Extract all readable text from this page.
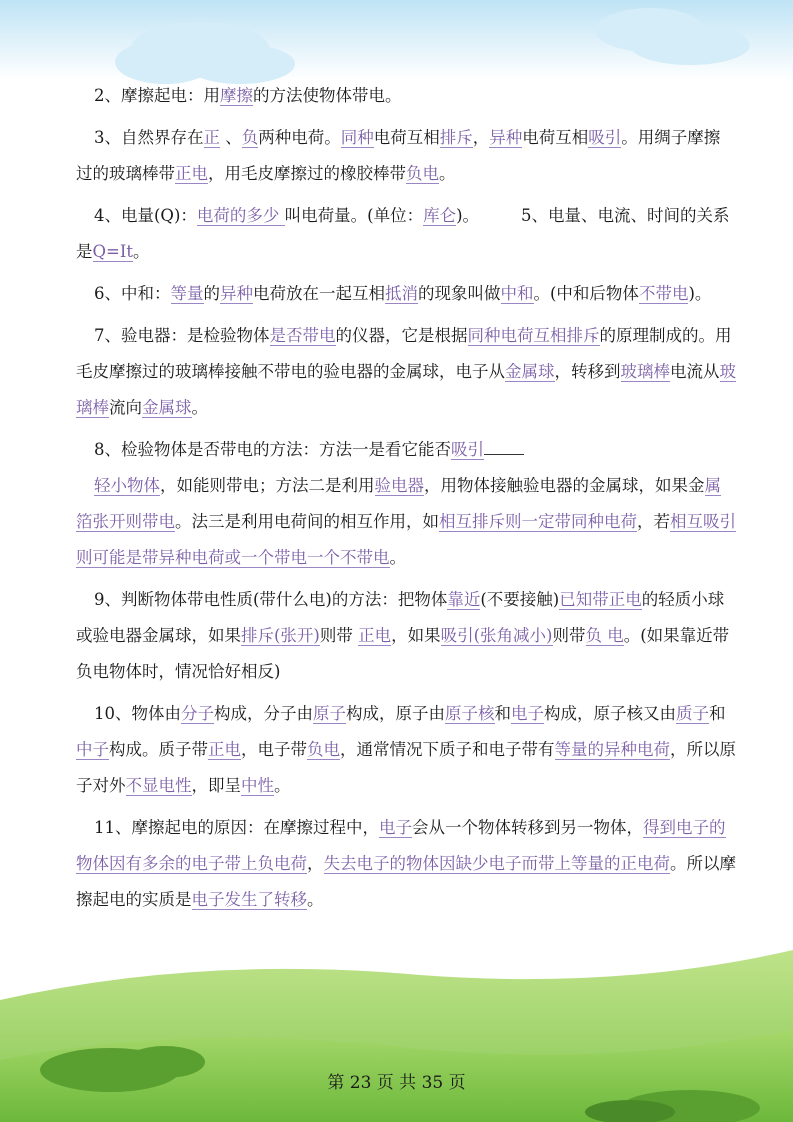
2、摩擦起电：用摩擦的方法使物体带电。

3、自然界存在正 、负两种电荷。同种电荷互相排斥，异种电荷互相吸引。用绸子摩擦过的玻璃棒带正电，用毛皮摩擦过的橡胶棒带负电。

4、电量(Q)：电荷的多少 叫电荷量。(单位：库仑)。        5、电量、电流、时间的关系是Q=It。

6、中和：等量的异种电荷放在一起互相抵消的现象叫做中和。(中和后物体不带电)。

7、验电器：是检验物体是否带电的仪器，它是根据同种电荷互相排斥的原理制成的。用毛皮摩擦过的玻璃棒接触不带电的验电器的金属球，电子从金属球，转移到玻璃棒电流从玻璃棒流向金属球。

8、检验物体是否带电的方法：方法一是看它能否吸引
轻小物体，如能则带电；方法二是利用验电器，用物体接触验电器的金属球，如果金属箔张开则带电。法三是利用电荷间的相互作用，如相互排斥则一定带同种电荷，若相互吸引则可能是带异种电荷或一个带电一个不带电。

9、判断物体带电性质(带什么电)的方法：把物体靠近(不要接触)已知带正电的轻质小球或验电器金属球，如果排斥(张开)则带 正电，如果吸引(张角减小)则带负 电。(如果靠近带负电物体时，情况恰好相反)

10、物体由分子构成，分子由原子构成，原子由原子核和电子构成，原子核又由质子和 中子构成。质子带正电，电子带负电，通常情况下质子和电子带有等量的异种电荷，所以原子对外不显电性，即呈中性。

11、摩擦起电的原因：在摩擦过程中，电子会从一个物体转移到另一物体，得到电子的物体因有多余的电子带上负电荷，失去电子的物体因缺少电子而带上等量的正电荷。所以摩擦起电的实质是电子发生了转移。

第 23 页 共 35 页
